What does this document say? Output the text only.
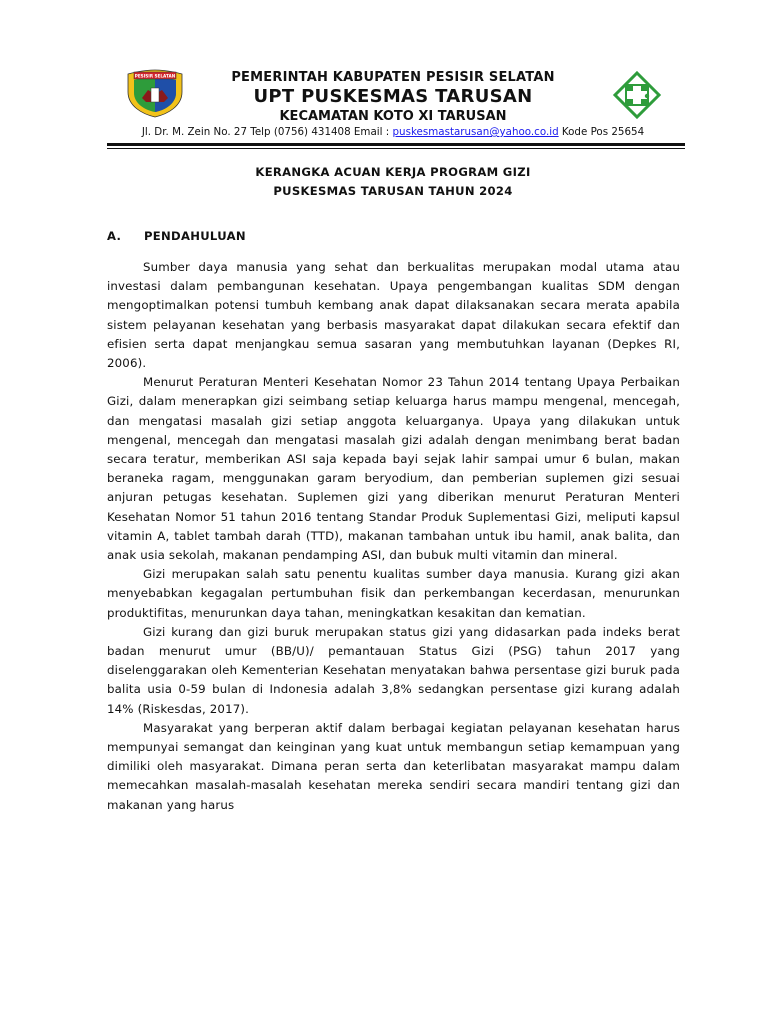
PESISIR SELATAN	PEMERINTAH KABUPATEN PESISIR SELATAN
UPT PUSKESMAS TARUSAN
KECAMATAN KOTO XI TARUSAN
Jl. Dr. M. Zein No. 27 Telp (0756) 431408 Email : puskesmastarusan@yahoo.co.id Kode Pos 25654
KERANGKA ACUAN KERJA PROGRAM GIZI
PUSKESMAS TARUSAN TAHUN 2024
A. PENDAHULUAN

Sumber daya manusia yang sehat dan berkualitas merupakan modal utama atau investasi dalam pembangunan kesehatan. Upaya pengembangan kualitas SDM dengan mengoptimalkan potensi tumbuh kembang anak dapat dilaksanakan secara merata apabila sistem pelayanan kesehatan yang berbasis masyarakat dapat dilakukan secara efektif dan efisien serta dapat menjangkau semua sasaran yang membutuhkan layanan (Depkes RI, 2006).

Menurut Peraturan Menteri Kesehatan Nomor 23 Tahun 2014 tentang Upaya Perbaikan Gizi, dalam menerapkan gizi seimbang setiap keluarga harus mampu mengenal, mencegah, dan mengatasi masalah gizi setiap anggota keluarganya. Upaya yang dilakukan untuk mengenal, mencegah dan mengatasi masalah gizi adalah dengan menimbang berat badan secara teratur, memberikan ASI saja kepada bayi sejak lahir sampai umur 6 bulan, makan beraneka ragam, menggunakan garam beryodium, dan pemberian suplemen gizi sesuai anjuran petugas kesehatan. Suplemen gizi yang diberikan menurut Peraturan Menteri Kesehatan Nomor 51 tahun 2016 tentang Standar Produk Suplementasi Gizi, meliputi kapsul vitamin A, tablet tambah darah (TTD), makanan tambahan untuk ibu hamil, anak balita, dan anak usia sekolah, makanan pendamping ASI, dan bubuk multi vitamin dan mineral.

Gizi merupakan salah satu penentu kualitas sumber daya manusia. Kurang gizi akan menyebabkan kegagalan pertumbuhan fisik dan perkembangan kecerdasan, menurunkan produktifitas, menurunkan daya tahan, meningkatkan kesakitan dan kematian.

Gizi kurang dan gizi buruk merupakan status gizi yang didasarkan pada indeks berat badan menurut umur (BB/U)/ pemantauan Status Gizi (PSG) tahun 2017 yang diselenggarakan oleh Kementerian Kesehatan menyatakan bahwa persentase gizi buruk pada balita usia 0-59 bulan di Indonesia adalah 3,8% sedangkan persentase gizi kurang adalah 14% (Riskesdas, 2017).

Masyarakat yang berperan aktif dalam berbagai kegiatan pelayanan kesehatan harus mempunyai semangat dan keinginan yang kuat untuk membangun setiap kemampuan yang dimiliki oleh masyarakat. Dimana peran serta dan keterlibatan masyarakat mampu dalam memecahkan masalah-masalah kesehatan mereka sendiri secara mandiri tentang gizi dan makanan yang harus
